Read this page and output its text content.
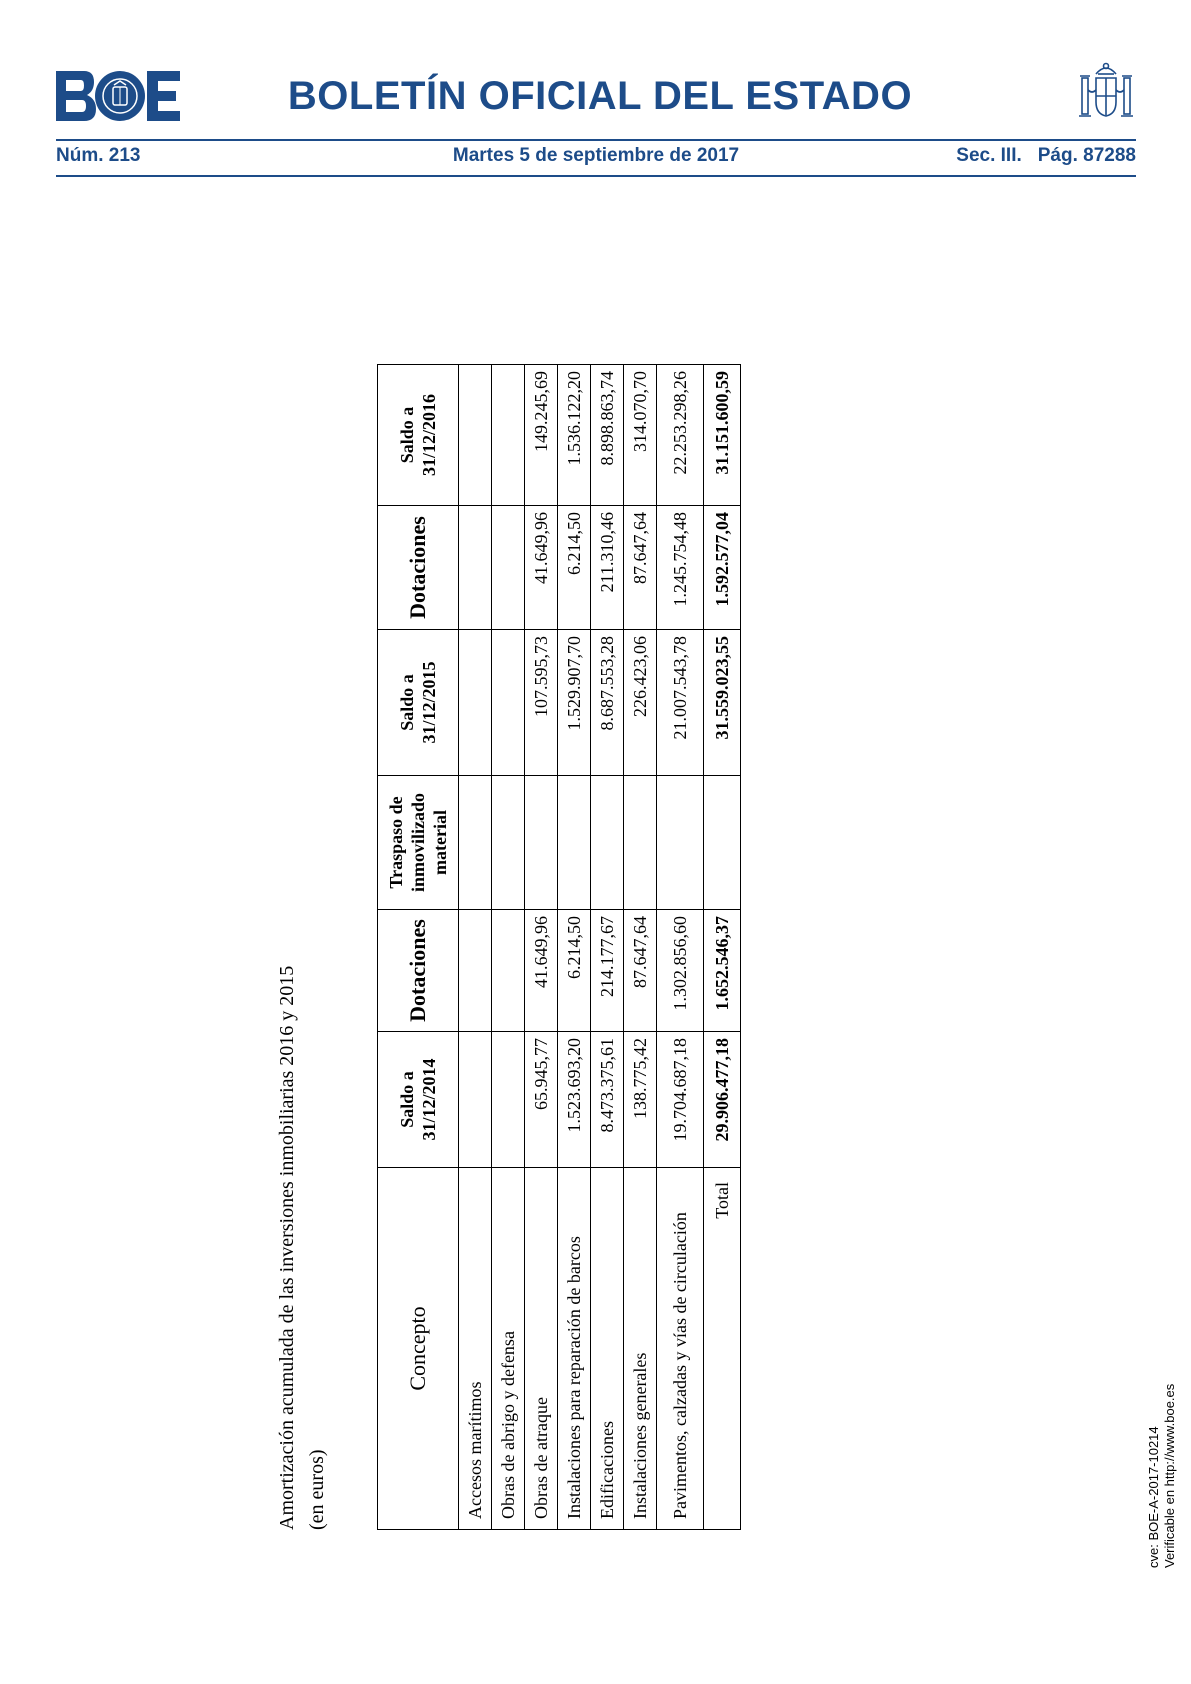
BOLETÍN OFICIAL DEL ESTADO
Núm. 213	Martes 5 de septiembre de 2017	Sec. III. Pág. 87288
Amortización acumulada de las inversiones inmobiliarias 2016 y 2015 (en euros)
Concepto	Saldo a 31/12/2014	Dotaciones	Traspaso de inmovilizado material	Saldo a 31/12/2015	Dotaciones	Saldo a 31/12/2016
Accesos marítimos						
Obras de abrigo y defensa						
Obras de atraque	65.945,77	41.649,96		107.595,73	41.649,96	149.245,69
Instalaciones para reparación de barcos	1.523.693,20	6.214,50		1.529.907,70	6.214,50	1.536.122,20
Edificaciones	8.473.375,61	214.177,67		8.687.553,28	211.310,46	8.898.863,74
Instalaciones generales	138.775,42	87.647,64		226.423,06	87.647,64	314.070,70
Pavimentos, calzadas y vías de circulación	19.704.687,18	1.302.856,60		21.007.543,78	1.245.754,48	22.253.298,26
Total	29.906.477,18	1.652.546,37		31.559.023,55	1.592.577,04	31.151.600,59
cve: BOE-A-2017-10214 Verificable en http://www.boe.es
